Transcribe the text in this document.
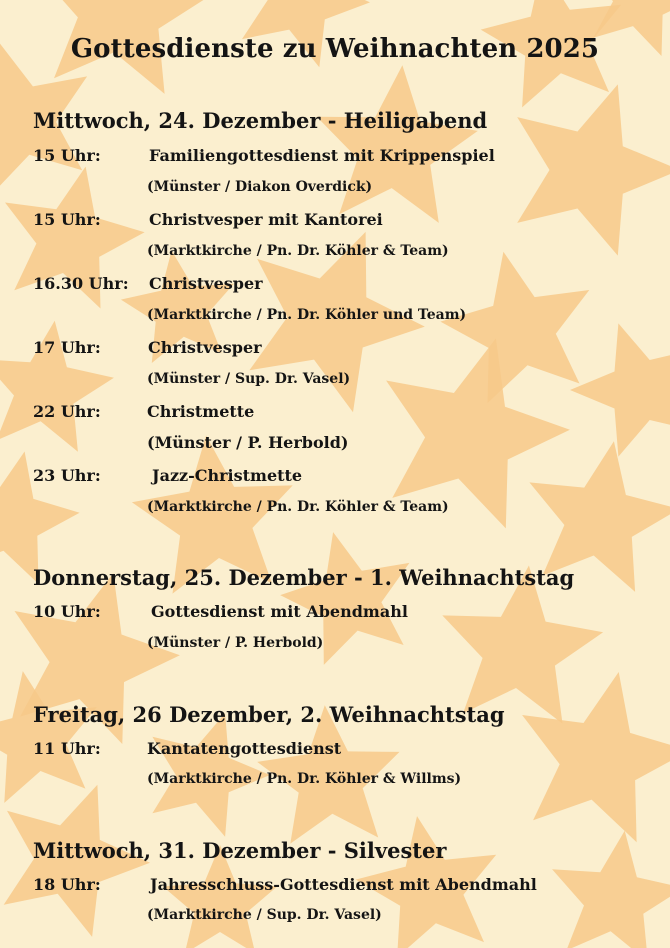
Gottesdienste zu Weihnachten 2025
Mittwoch, 24. Dezember - Heiligabend
15 Uhr:	Familiengottesdienst mit Krippenspiel
(Münster / Diakon Overdick)
15 Uhr:	Christvesper mit Kantorei
(Marktkirche / Pn. Dr. Köhler & Team)
16.30 Uhr: Christvesper
(Marktkirche / Pn. Dr. Köhler und Team)
17 Uhr:	Christvesper
(Münster / Sup. Dr. Vasel)
22 Uhr:	Christmette
(Münster / P. Herbold)
23 Uhr:	Jazz-Christmette
(Marktkirche / Pn. Dr. Köhler & Team)
Donnerstag, 25. Dezember - 1. Weihnachtstag
10 Uhr:	Gottesdienst mit Abendmahl
(Münster / P. Herbold)
Freitag, 26 Dezember, 2. Weihnachtstag
11 Uhr:	Kantatengottesdienst
(Marktkirche / Pn. Dr. Köhler & Willms)
Mittwoch, 31. Dezember - Silvester
18 Uhr:	Jahresschluss-Gottesdienst mit Abendmahl
(Marktkirche / Sup. Dr. Vasel)
